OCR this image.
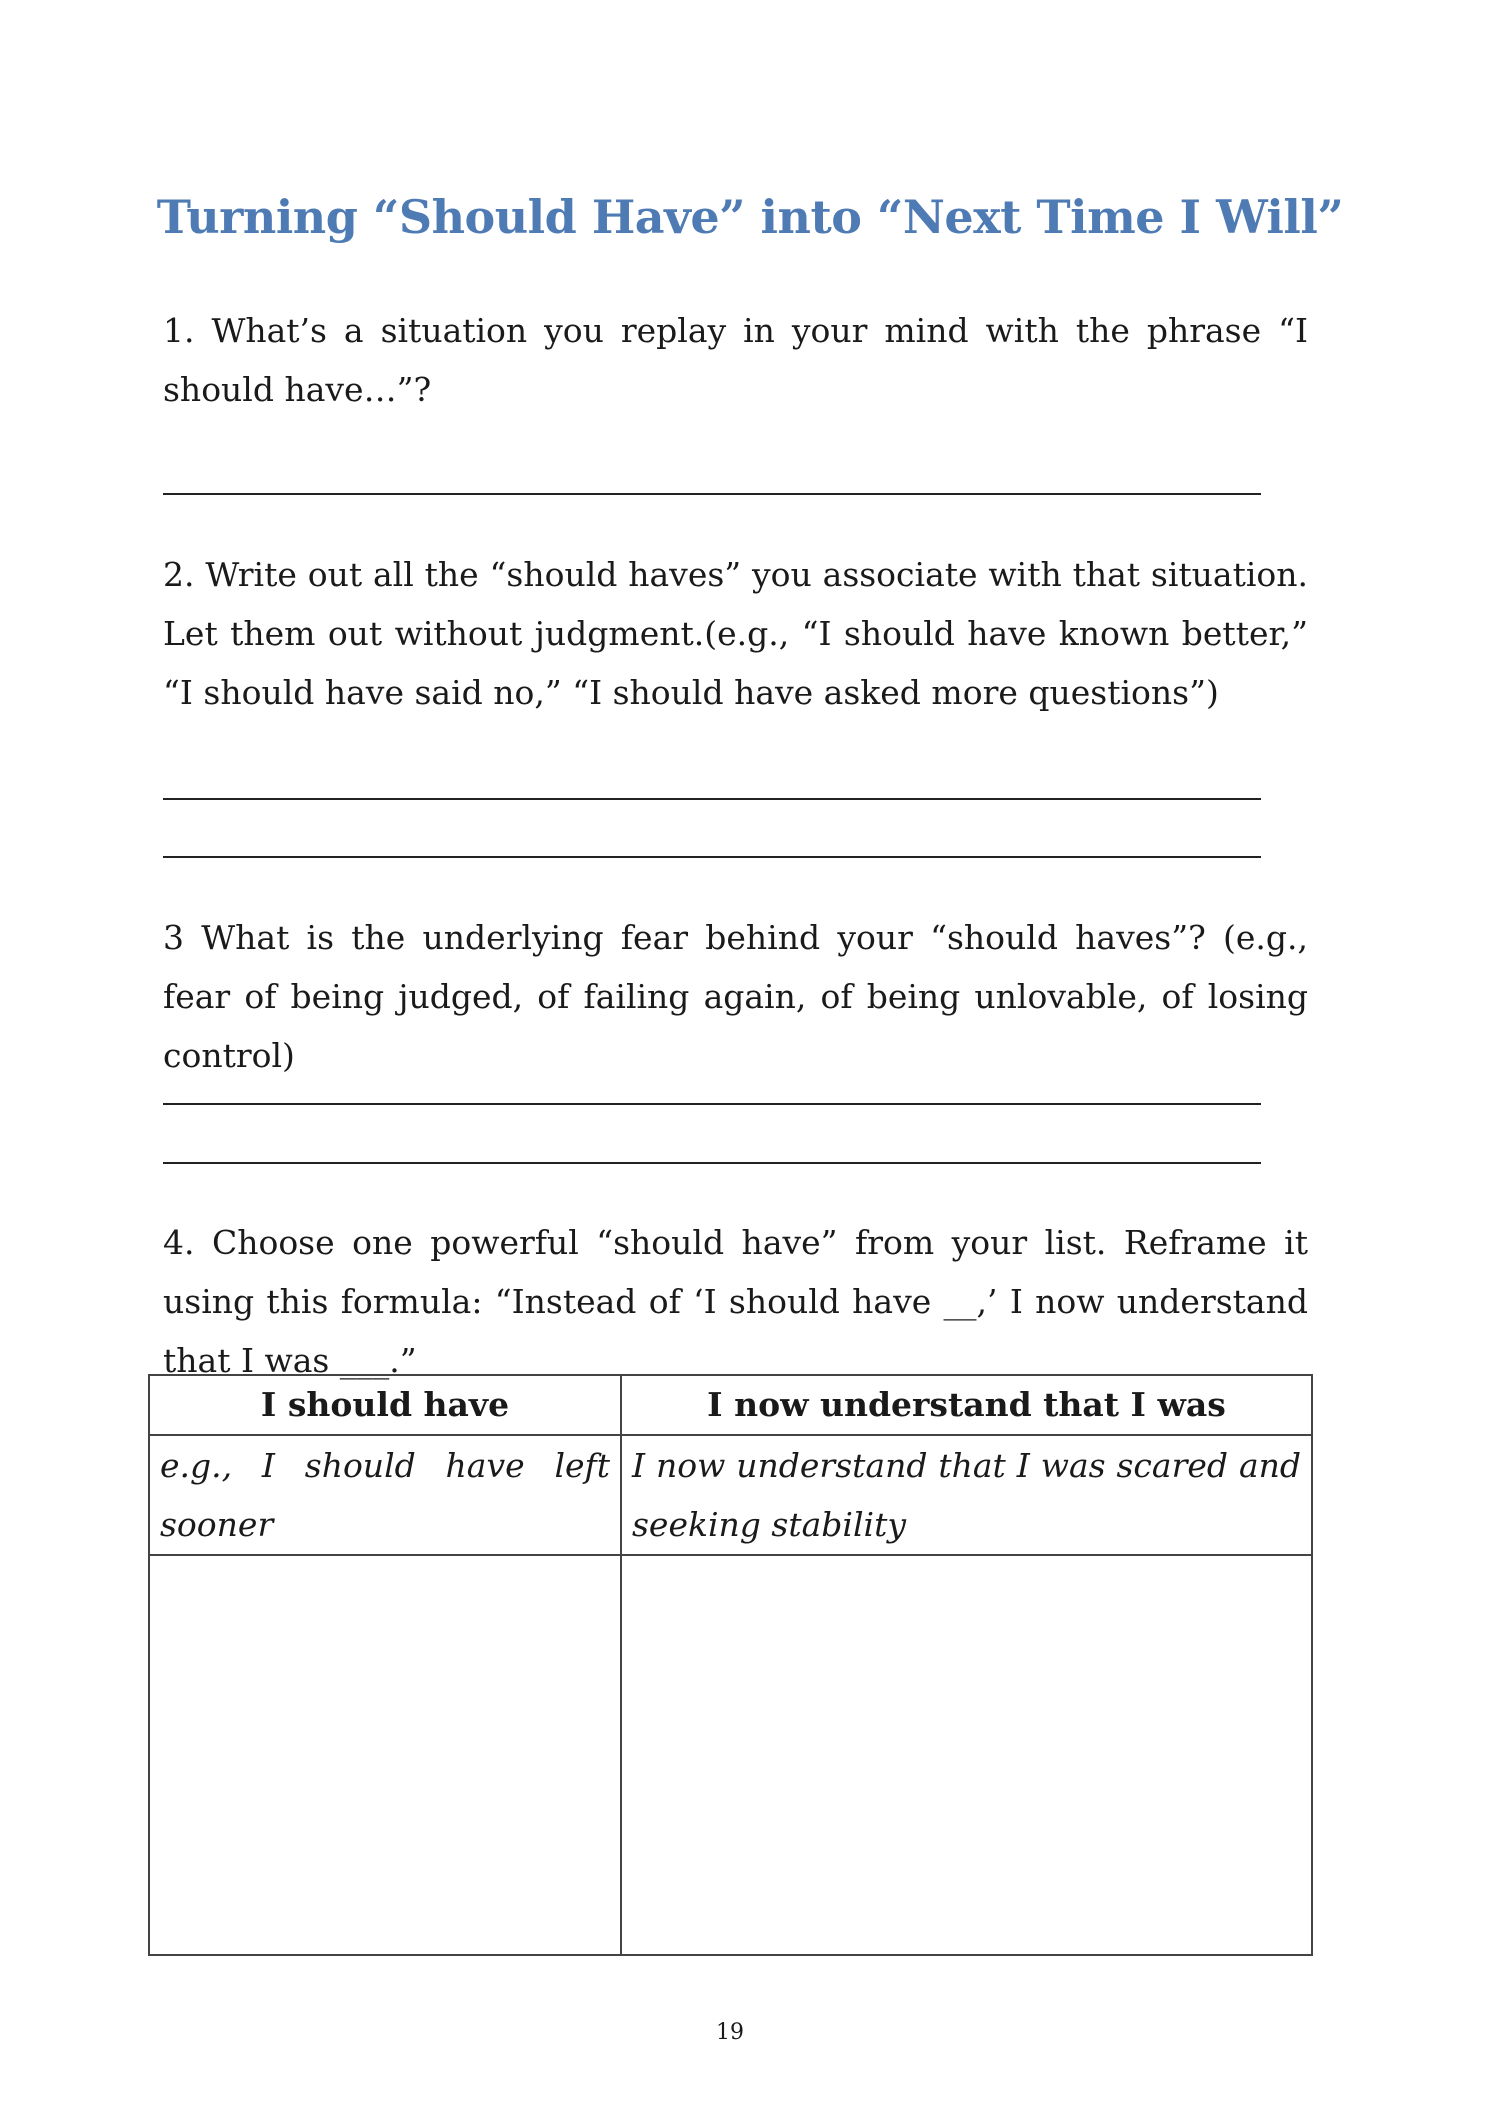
Turning “Should Have” into “Next Time I Will”
1. What’s a situation you replay in your mind with the phrase “I should have…”?
2. Write out all the “should haves” you associate with that situation. Let them out without judgment.(e.g., “I should have known better,” “I should have said no,” “I should have asked more questions”)
3 What is the underlying fear behind your “should haves”? (e.g., fear of being judged, of failing again, of being unlovable, of losing control)
4. Choose one powerful “should have” from your list. Reframe it using this formula: “Instead of ‘I should have __,’ I now understand that I was ___.”
I should have	I now understand that I was
e.g., I should have left sooner	I now understand that I was scared and seeking stability

19
